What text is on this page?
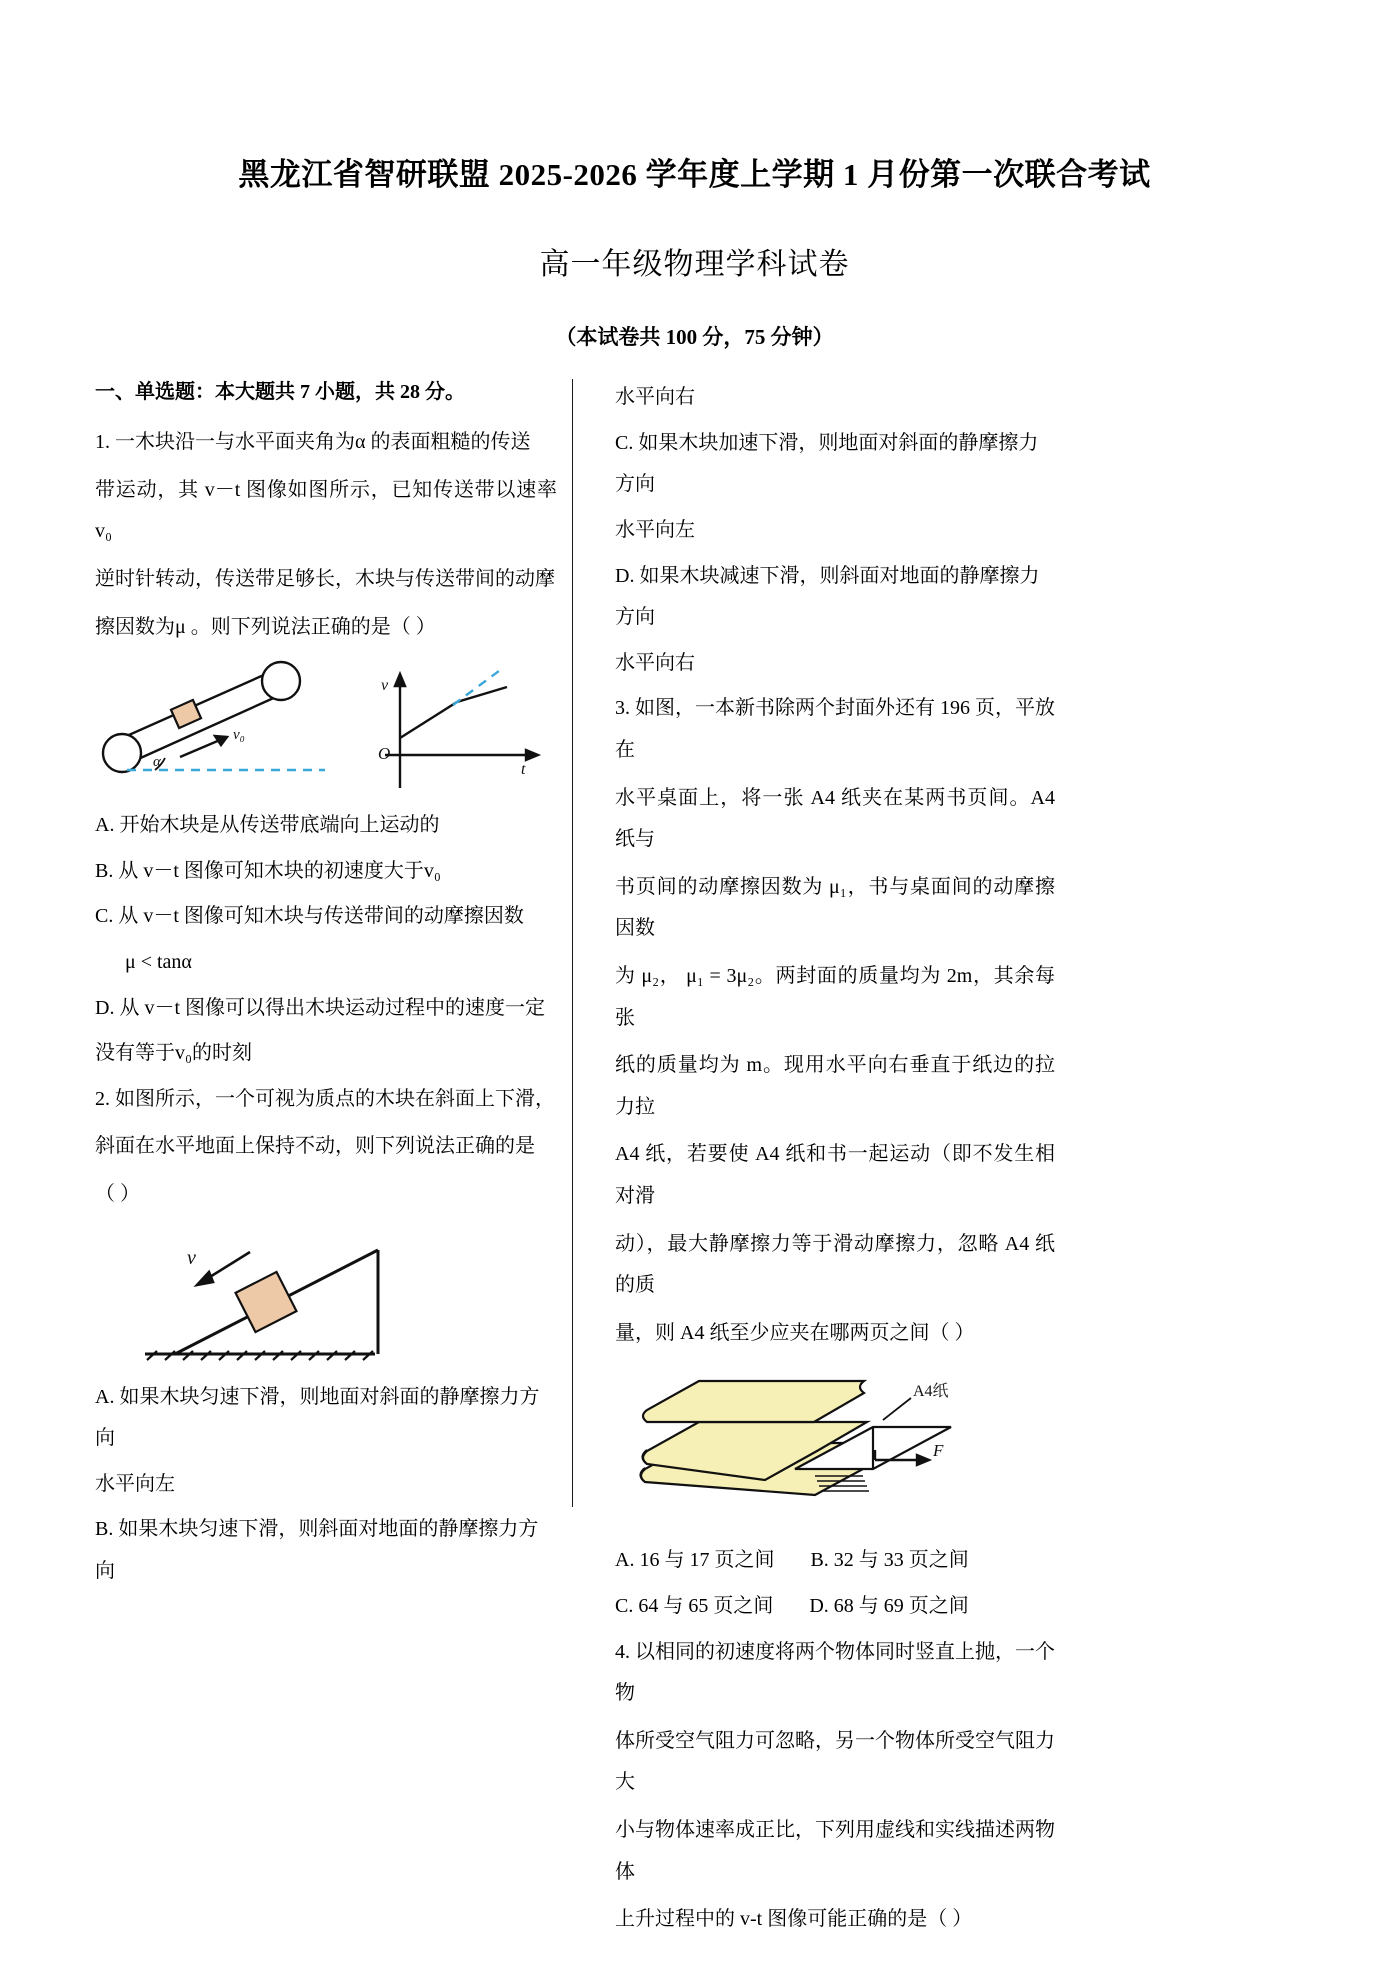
黑龙江省智研联盟 2025-2026 学年度上学期 1 月份第一次联合考试
高一年级物理学科试卷
（本试卷共 100 分，75 分钟）
一、单选题：本大题共 7 小题，共 28 分。

1. 一木块沿一与水平面夹角为α 的表面粗糙的传送

带运动，其 v－t 图像如图所示，已知传送带以速率v₀

逆时针转动，传送带足够长，木块与传送带间的动摩

擦因数为μ 。则下列说法正确的是（ ）

v₀
α
v
t
O

A. 开始木块是从传送带底端向上运动的

B. 从 v－t 图像可知木块的初速度大于v₀

C. 从 v－t 图像可知木块与传送带间的动摩擦因数

μ < tanα

D. 从 v－t 图像可以得出木块运动过程中的速度一定

没有等于v₀的时刻

2. 如图所示，一个可视为质点的木块在斜面上下滑，

斜面在水平地面上保持不动，则下列说法正确的是

（ ）

v

A. 如果木块匀速下滑，则地面对斜面的静摩擦力方向

水平向左

B. 如果木块匀速下滑，则斜面对地面的静摩擦力方向

水平向右

C. 如果木块加速下滑，则地面对斜面的静摩擦力方向

水平向左

D. 如果木块减速下滑，则斜面对地面的静摩擦力方向

水平向右

3. 如图，一本新书除两个封面外还有 196 页，平放在

水平桌面上，将一张 A4 纸夹在某两书页间。A4 纸与

书页间的动摩擦因数为 μ₁，书与桌面间的动摩擦因数

为 μ₂， μ₁ = 3μ₂。两封面的质量均为 2m，其余每张

纸的质量均为 m。现用水平向右垂直于纸边的拉力拉

A4 纸，若要使 A4 纸和书一起运动（即不发生相对滑

动），最大静摩擦力等于滑动摩擦力，忽略 A4 纸的质

量，则 A4 纸至少应夹在哪两页之间（ ）

F
A4纸

A. 16 与 17 页之间 B. 32 与 33 页之间

C. 64 与 65 页之间 D. 68 与 69 页之间

4. 以相同的初速度将两个物体同时竖直上抛，一个物

体所受空气阻力可忽略，另一个物体所受空气阻力大

小与物体速率成正比，下列用虚线和实线描述两物体

上升过程中的 v-t 图像可能正确的是（ ）
